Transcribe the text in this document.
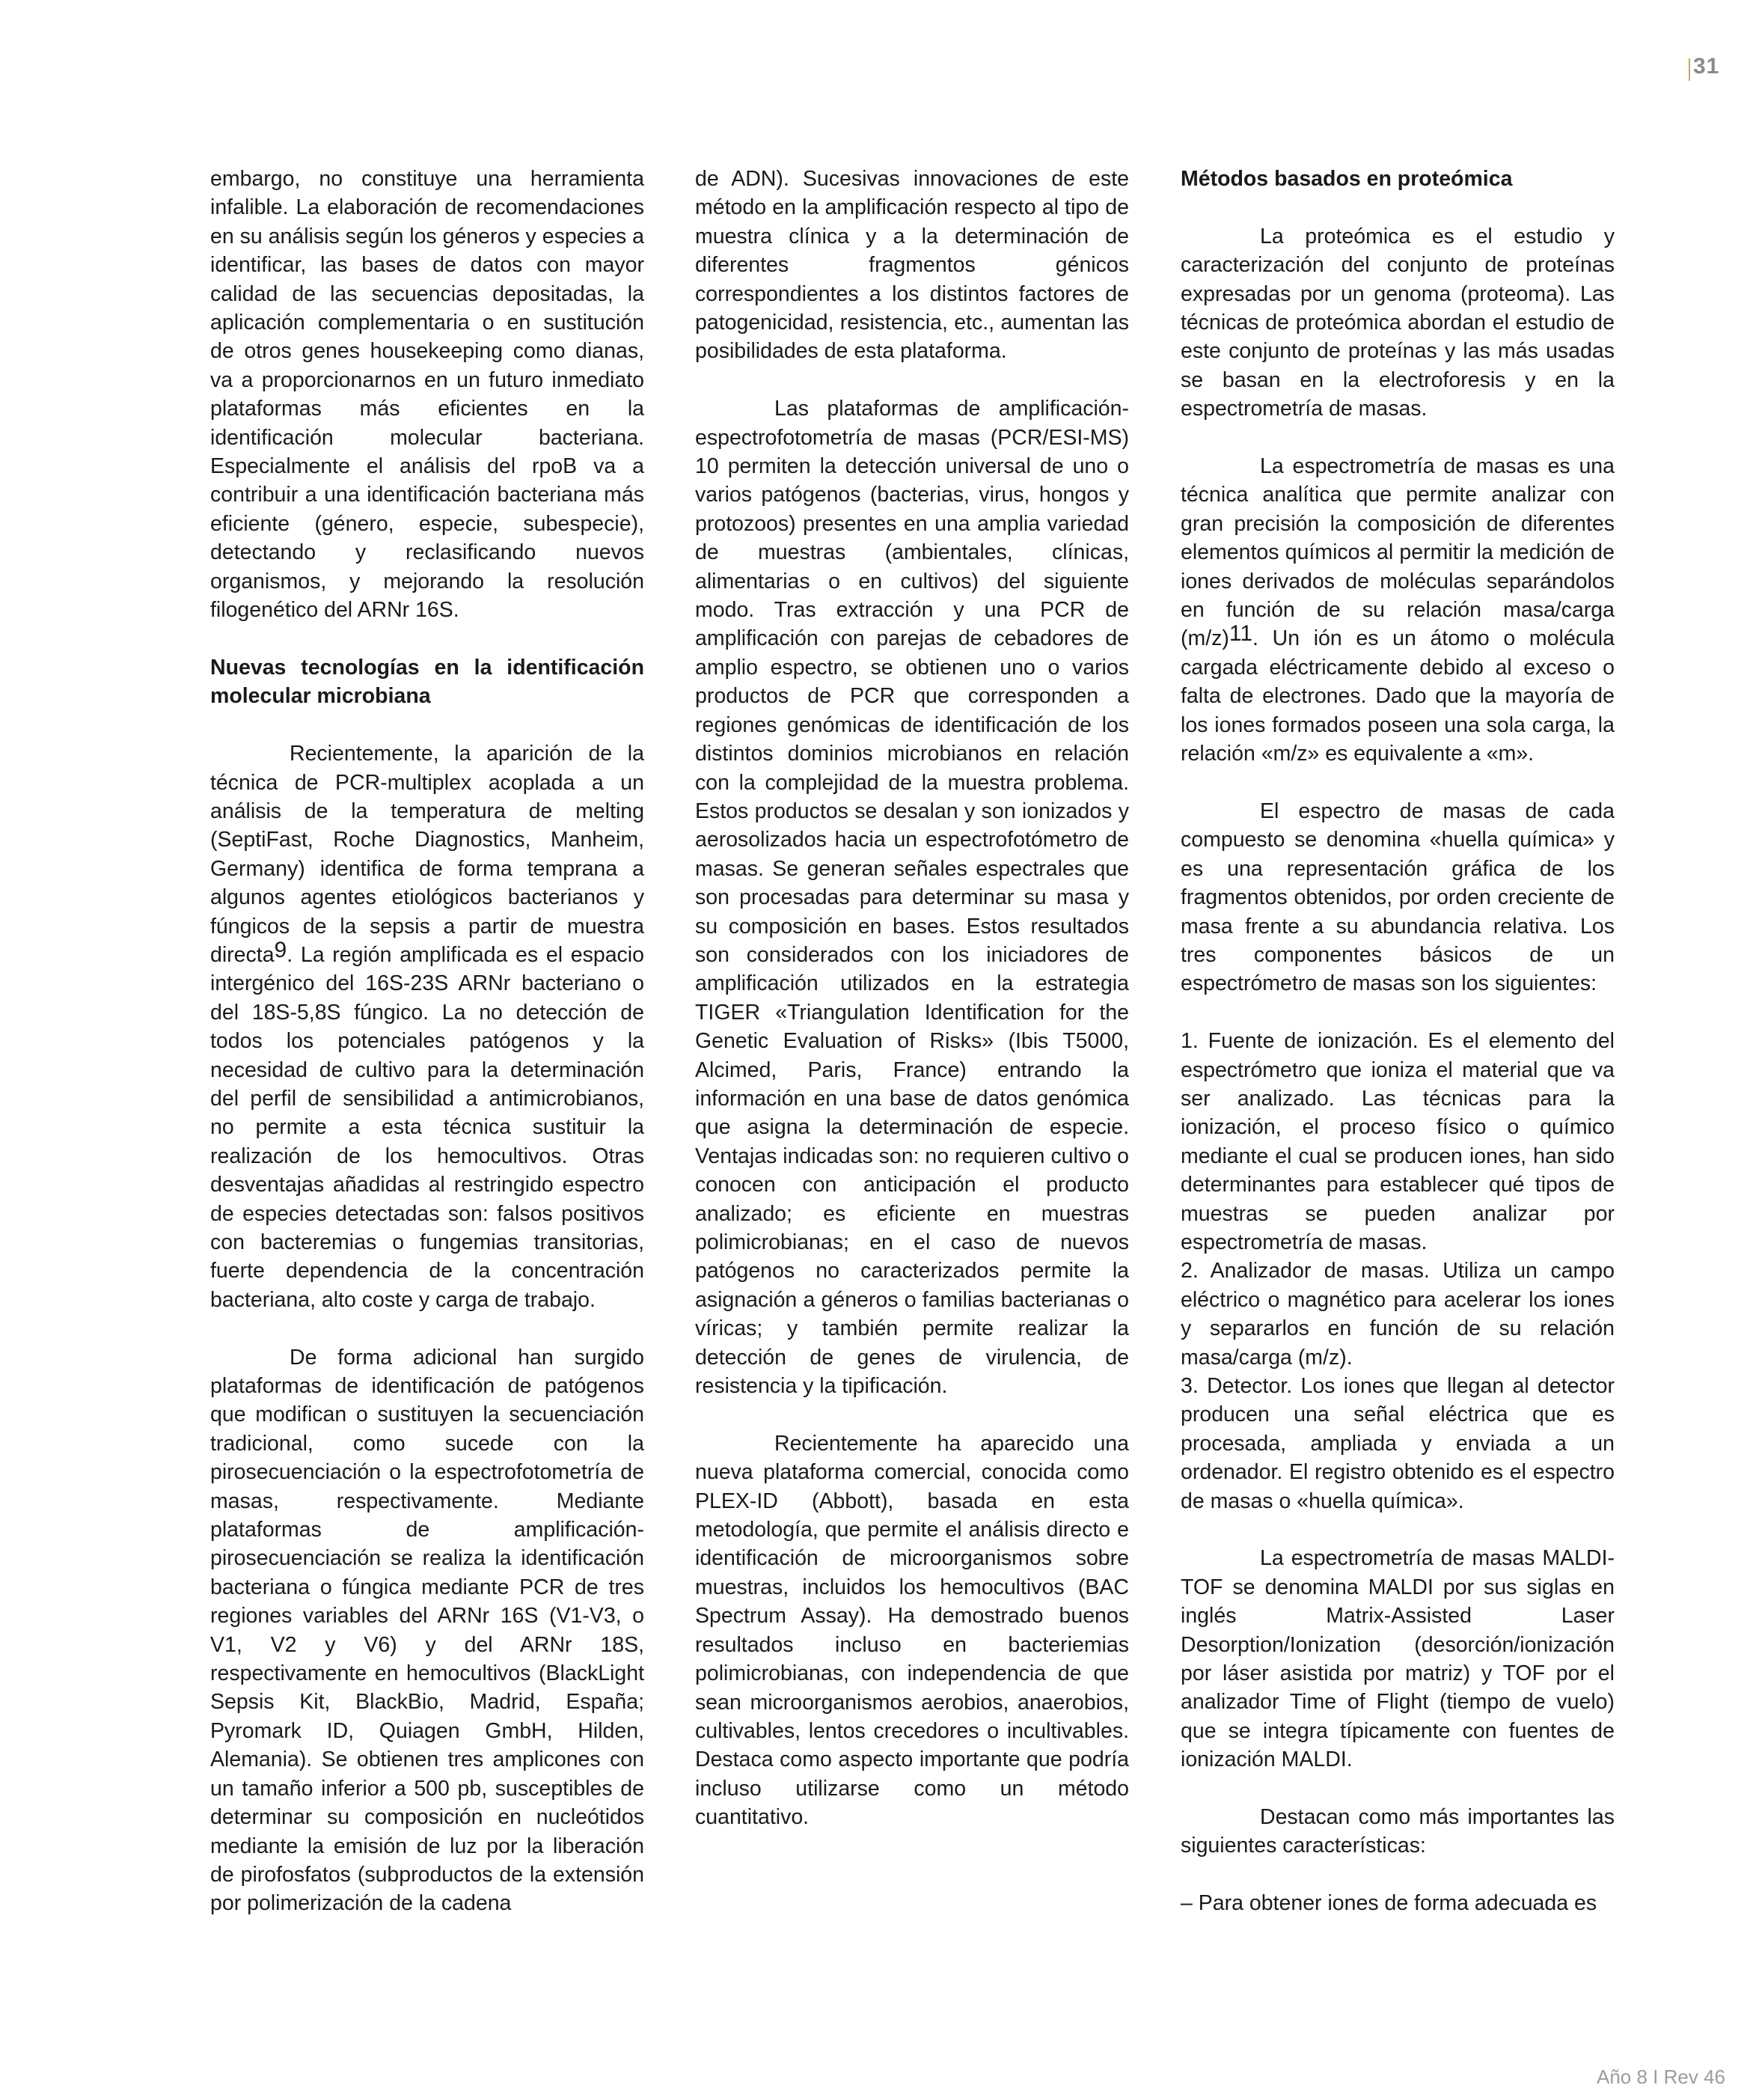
31

embargo, no constituye una herramienta infalible. La elaboración de recomendaciones en su análisis según los géneros y especies a identificar, las bases de datos con mayor calidad de las secuencias depositadas, la aplicación complementaria o en sustitución de otros genes housekeeping como dianas, va a proporcionarnos en un futuro inmediato plataformas más eficientes en la identificación molecular bacteriana. Especialmente el análisis del rpoB va a contribuir a una identificación bacteriana más eficiente (género, especie, subespecie), detectando y reclasificando nuevos organismos, y mejorando la resolución filogenético del ARNr 16S.

Nuevas tecnologías en la identificación molecular microbiana

Recientemente, la aparición de la técnica de PCR-multiplex acoplada a un análisis de la temperatura de melting (SeptiFast, Roche Diagnostics, Manheim, Germany) identifica de forma temprana a algunos agentes etiológicos bacterianos y fúngicos de la sepsis a partir de muestra directa$^9$. La región amplificada es el espacio intergénico del 16S-23S ARNr bacteriano o del 18S-5,8S fúngico. La no detección de todos los potenciales patógenos y la necesidad de cultivo para la determinación del perfil de sensibilidad a antimicrobianos, no permite a esta técnica sustituir la realización de los hemocultivos. Otras desventajas añadidas al restringido espectro de especies detectadas son: falsos positivos con bacteremias o fungemias transitorias, fuerte dependencia de la concentración bacteriana, alto coste y carga de trabajo.

De forma adicional han surgido plataformas de identificación de patógenos que modifican o sustituyen la secuenciación tradicional, como sucede con la pirosecuenciación o la espectrofotometría de masas, respectivamente. Mediante plataformas de amplificación-pirosecuenciación se realiza la identificación bacteriana o fúngica mediante PCR de tres regiones variables del ARNr 16S (V1-V3, o V1, V2 y V6) y del ARNr 18S, respectivamente en hemocultivos (BlackLight Sepsis Kit, BlackBio, Madrid, España; Pyromark ID, Quiagen GmbH, Hilden, Alemania). Se obtienen tres amplicones con un tamaño inferior a 500 pb, susceptibles de determinar su composición en nucleótidos mediante la emisión de luz por la liberación de pirofosfatos (subproductos de la extensión por polimerización de la cadena

de ADN). Sucesivas innovaciones de este método en la amplificación respecto al tipo de muestra clínica y a la determinación de diferentes fragmentos génicos correspondientes a los distintos factores de patogenicidad, resistencia, etc., aumentan las posibilidades de esta plataforma.

Las plataformas de amplificación-espectrofotometría de masas (PCR/ESI-MS) 10 permiten la detección universal de uno o varios patógenos (bacterias, virus, hongos y protozoos) presentes en una amplia variedad de muestras (ambientales, clínicas, alimentarias o en cultivos) del siguiente modo. Tras extracción y una PCR de amplificación con parejas de cebadores de amplio espectro, se obtienen uno o varios productos de PCR que corresponden a regiones genómicas de identificación de los distintos dominios microbianos en relación con la complejidad de la muestra problema. Estos productos se desalan y son ionizados y aerosolizados hacia un espectrofotómetro de masas. Se generan señales espectrales que son procesadas para determinar su masa y su composición en bases. Estos resultados son considerados con los iniciadores de amplificación utilizados en la estrategia TIGER «Triangulation Identification for the Genetic Evaluation of Risks» (Ibis T5000, Alcimed, Paris, France) entrando la información en una base de datos genómica que asigna la determinación de especie. Ventajas indicadas son: no requieren cultivo o conocen con anticipación el producto analizado; es eficiente en muestras polimicrobianas; en el caso de nuevos patógenos no caracterizados permite la asignación a géneros o familias bacterianas o víricas; y también permite realizar la detección de genes de virulencia, de resistencia y la tipificación.

Recientemente ha aparecido una nueva plataforma comercial, conocida como PLEX-ID (Abbott), basada en esta metodología, que permite el análisis directo e identificación de microorganismos sobre muestras, incluidos los hemocultivos (BAC Spectrum Assay). Ha demostrado buenos resultados incluso en bacteriemias polimicrobianas, con independencia de que sean microorganismos aerobios, anaerobios, cultivables, lentos crecedores o incultivables. Destaca como aspecto importante que podría incluso utilizarse como un método cuantitativo.

Métodos basados en proteómica

La proteómica es el estudio y caracterización del conjunto de proteínas expresadas por un genoma (proteoma). Las técnicas de proteómica abordan el estudio de este conjunto de proteínas y las más usadas se basan en la electroforesis y en la espectrometría de masas.

La espectrometría de masas es una técnica analítica que permite analizar con gran precisión la composición de diferentes elementos químicos al permitir la medición de iones derivados de moléculas separándolos en función de su relación masa/carga (m/z)$^{11}$. Un ión es un átomo o molécula cargada eléctricamente debido al exceso o falta de electrones. Dado que la mayoría de los iones formados poseen una sola carga, la relación «m/z» es equivalente a «m».

El espectro de masas de cada compuesto se denomina «huella química» y es una representación gráfica de los fragmentos obtenidos, por orden creciente de masa frente a su abundancia relativa. Los tres componentes básicos de un espectrómetro de masas son los siguientes:

1. Fuente de ionización. Es el elemento del espectrómetro que ioniza el material que va ser analizado. Las técnicas para la ionización, el proceso físico o químico mediante el cual se producen iones, han sido determinantes para establecer qué tipos de muestras se pueden analizar por espectrometría de masas.

2. Analizador de masas. Utiliza un campo eléctrico o magnético para acelerar los iones y separarlos en función de su relación masa/carga (m/z).

3. Detector. Los iones que llegan al detector producen una señal eléctrica que es procesada, ampliada y enviada a un ordenador. El registro obtenido es el espectro de masas o «huella química».

La espectrometría de masas MALDI-TOF se denomina MALDI por sus siglas en inglés Matrix-Assisted Laser Desorption/Ionization (desorción/ionización por láser asistida por matriz) y TOF por el analizador Time of Flight (tiempo de vuelo) que se integra típicamente con fuentes de ionización MALDI.

Destacan como más importantes las siguientes características:

– Para obtener iones de forma adecuada es

Año 8 I Rev 46
